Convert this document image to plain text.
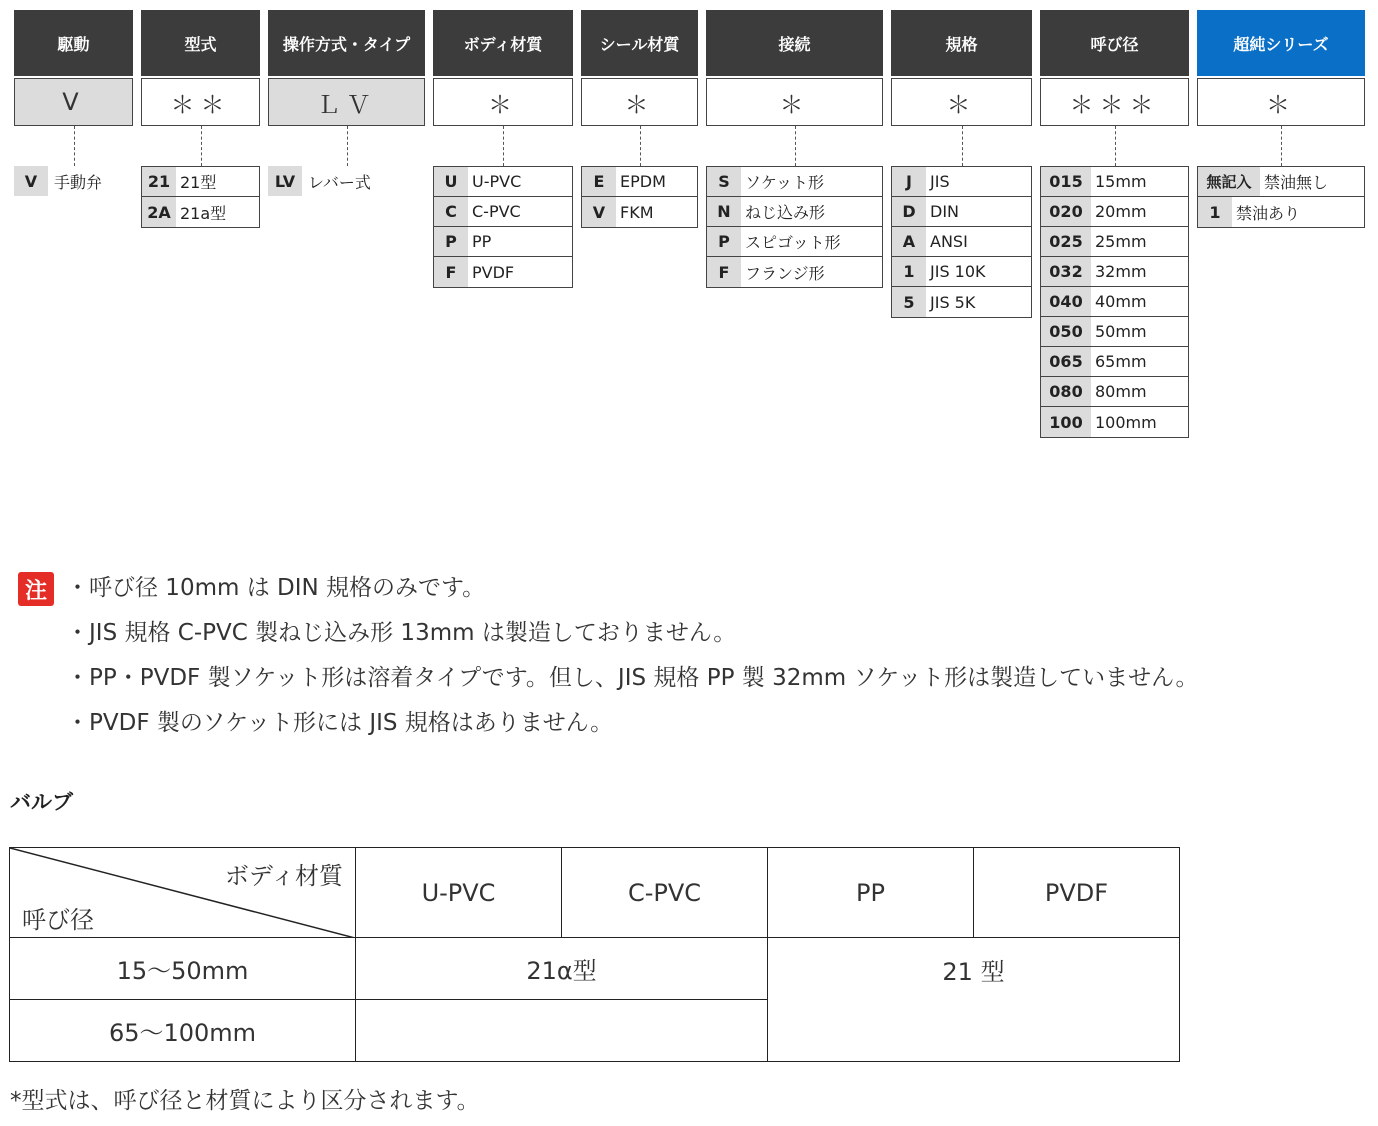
駆動
V
V	手動弁
型式
＊＊
21 21型
2A 21a型
操作方式・タイプ
ＬＶ
LV レバー式
ボディ材質
＊
U U-PVC
C C-PVC
P PP
F PVDF
シール材質
＊
E EPDM
V FKM
接続
＊
S ソケット形
N ねじ込み形
P スピゴット形
F フランジ形
規格
＊
J	JIS
D DIN
A ANSI
1 JIS 10K
5 JIS 5K
呼び径
＊＊＊
015 15mm
020 20mm
025 25mm
032 32mm
040 40mm
050 50mm
065 65mm
080 80mm
100 100mm
超純シリーズ
＊
無記入 禁油無し
1 禁油あり
注 ・呼び径 10mm は DIN 規格のみです。
・JIS 規格 C-PVC 製ねじ込み形 13mm は製造しておりません。
・PP・PVDF 製ソケット形は溶着タイプです。但し、JIS 規格 PP 製 32mm ソケット形は製造していません。
・PVDF 製のソケット形には JIS 規格はありません。
バルブ
ボディ材質
呼び径	U-PVC	C-PVC	PP	PVDF
15〜50mm	21α型		21 型	
65〜100mm				
*型式は、呼び径と材質により区分されます。
